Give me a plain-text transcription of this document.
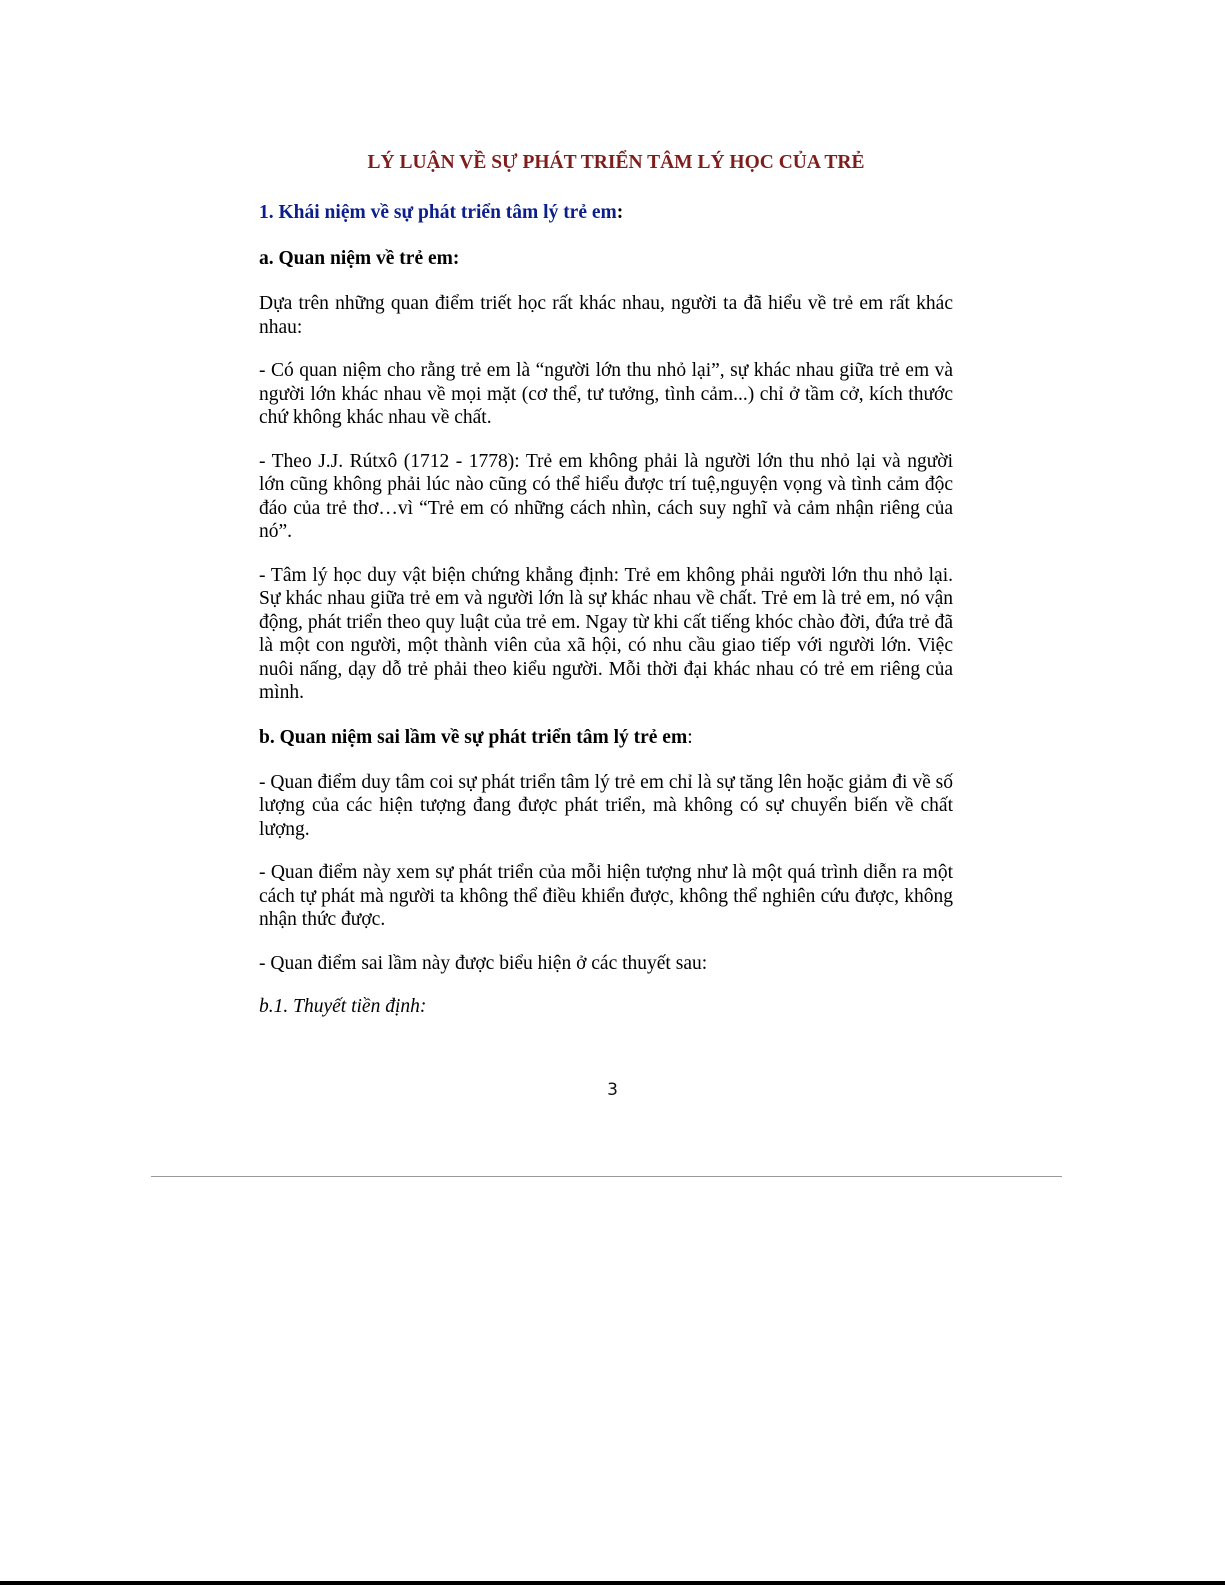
LÝ LUẬN VỀ SỰ PHÁT TRIỂN TÂM LÝ HỌC CỦA TRẺ
1. Khái niệm về sự phát triển tâm lý trẻ em:
a. Quan niệm về trẻ em:

Dựa trên những quan điểm triết học rất khác nhau, người ta đã hiểu về trẻ em rất khác nhau:

- Có quan niệm cho rằng trẻ em là “người lớn thu nhỏ lại”, sự khác nhau giữa trẻ em và người lớn khác nhau về mọi mặt (cơ thể, tư tưởng, tình cảm...) chỉ ở tầm cở, kích thước chứ không khác nhau về chất.

- Theo J.J. Rútxô (1712 - 1778): Trẻ em không phải là người lớn thu nhỏ lại và người lớn cũng không phải lúc nào cũng có thể hiểu được trí tuệ,nguyện vọng và tình cảm độc đáo của trẻ thơ…vì “Trẻ em có những cách nhìn, cách suy nghĩ và cảm nhận riêng của nó”.

- Tâm lý học duy vật biện chứng khẳng định: Trẻ em không phải người lớn thu nhỏ lại. Sự khác nhau giữa trẻ em và người lớn là sự khác nhau về chất. Trẻ em là trẻ em, nó vận động, phát triển theo quy luật của trẻ em. Ngay từ khi cất tiếng khóc chào đời, đứa trẻ đã là một con người, một thành viên của xã hội, có nhu cầu giao tiếp với người lớn. Việc nuôi nấng, dạy dỗ trẻ phải theo kiểu người. Mỗi thời đại khác nhau có trẻ em riêng của mình.

b. Quan niệm sai lầm về sự phát triển tâm lý trẻ em:

- Quan điểm duy tâm coi sự phát triển tâm lý trẻ em chỉ là sự tăng lên hoặc giảm đi về số lượng của các hiện tượng đang được phát triển, mà không có sự chuyển biến về chất lượng.

- Quan điểm này xem sự phát triển của mỗi hiện tượng như là một quá trình diễn ra một cách tự phát mà người ta không thể điều khiển được, không thể nghiên cứu được, không nhận thức được.

- Quan điểm sai lầm này được biểu hiện ở các thuyết sau:

b.1. Thuyết tiền định:

3
